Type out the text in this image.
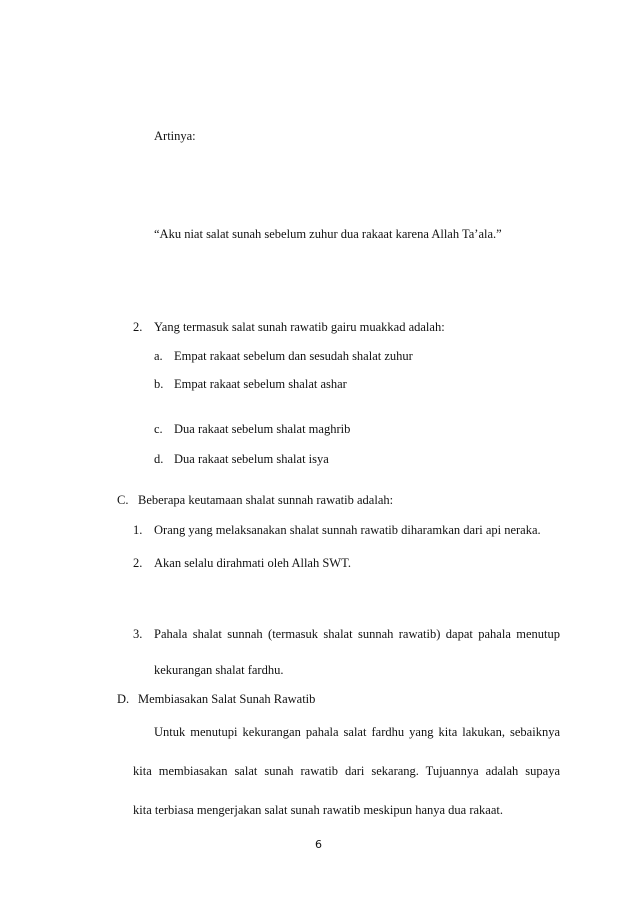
Artinya:
“Aku niat salat sunah sebelum zuhur dua rakaat karena Allah Ta’ala.”
2. Yang termasuk salat sunah rawatib gairu muakkad adalah:
a. Empat rakaat sebelum dan sesudah shalat zuhur
b. Empat rakaat sebelum shalat ashar
c. Dua rakaat sebelum shalat maghrib
d. Dua rakaat sebelum shalat isya
C. Beberapa keutamaan shalat sunnah rawatib adalah:
1. Orang yang melaksanakan shalat sunnah rawatib diharamkan dari api neraka.
2. Akan selalu dirahmati oleh Allah SWT.
3. Pahala shalat sunnah (termasuk shalat sunnah rawatib) dapat pahala menutup
kekurangan shalat fardhu.
D. Membiasakan Salat Sunah Rawatib
Untuk menutupi kekurangan pahala salat fardhu yang kita lakukan, sebaiknya
kita membiasakan salat sunah rawatib dari sekarang. Tujuannya adalah supaya
kita terbiasa mengerjakan salat sunah rawatib meskipun hanya dua rakaat.
6
